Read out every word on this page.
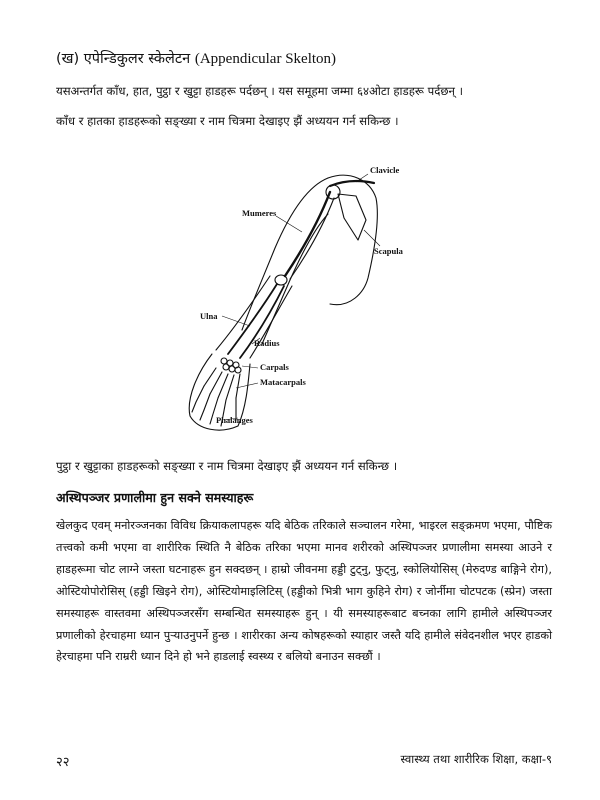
(ख) एपेन्डिकुलर स्केलेटन (Appendicular Skelton)
यसअन्तर्गत काँध, हात, पुट्ठा र खुट्टा हाडहरू पर्दछन् । यस समूहमा जम्मा ६४ओटा हाडहरू पर्दछन् ।
काँध र हातका हाडहरूको सङ्ख्या र नाम चित्रमा देखाइए झैं अध्ययन गर्न सकिन्छ ।
Clavicle
Mumeres
Scapula
Ulna
Radius
Carpals
Matacarpals
Phalanges
पुट्ठा र खुट्टाका हाडहरूको सङ्ख्या र नाम चित्रमा देखाइए झैं अध्ययन गर्न सकिन्छ ।
अस्थिपञ्जर प्रणालीमा हुन सक्ने समस्याहरू

खेलकुद एवम् मनोरञ्जनका विविध क्रियाकलापहरू यदि बेठिक तरिकाले सञ्चालन गरेमा, भाइरल सङ्क्रमण भएमा, पौष्टिक तत्त्वको कमी भएमा वा शारीरिक स्थिति नै बेठिक तरिका भएमा मानव शरीरको अस्थिपञ्जर प्रणालीमा समस्या आउने र हाडहरूमा चोट लाग्ने जस्ता घटनाहरू हुन सक्दछन् । हाम्रो जीवनमा हड्डी टुट्नु, फुट्नु, स्कोलियोसिस् (मेरुदण्ड बाङ्गिने रोग), ओस्टियोपोरोसिस् (हड्डी खिइने रोग), ओस्टियोमाइलिटिस् (हड्डीको भित्री भाग कुहिने रोग) र जोर्नीमा चोटपटक (स्प्रेन) जस्ता समस्याहरू वास्तवमा अस्थिपञ्जरसँग सम्बन्धित समस्याहरू हुन् । यी समस्याहरूबाट बच्नका लागि हामीले अस्थिपञ्जर प्रणालीको हेरचाहमा ध्यान पुऱ्याउनुपर्ने हुन्छ । शारीरका अन्य कोषहरूको स्याहार जस्तै यदि हामीले संवेदनशील भएर हाडको हेरचाहमा पनि राम्ररी ध्यान दिने हो भने हाडलाई स्वस्थ्य र बलियो बनाउन सक्छौं ।

२२	स्वास्थ्य तथा शारीरिक शिक्षा, कक्षा-९
